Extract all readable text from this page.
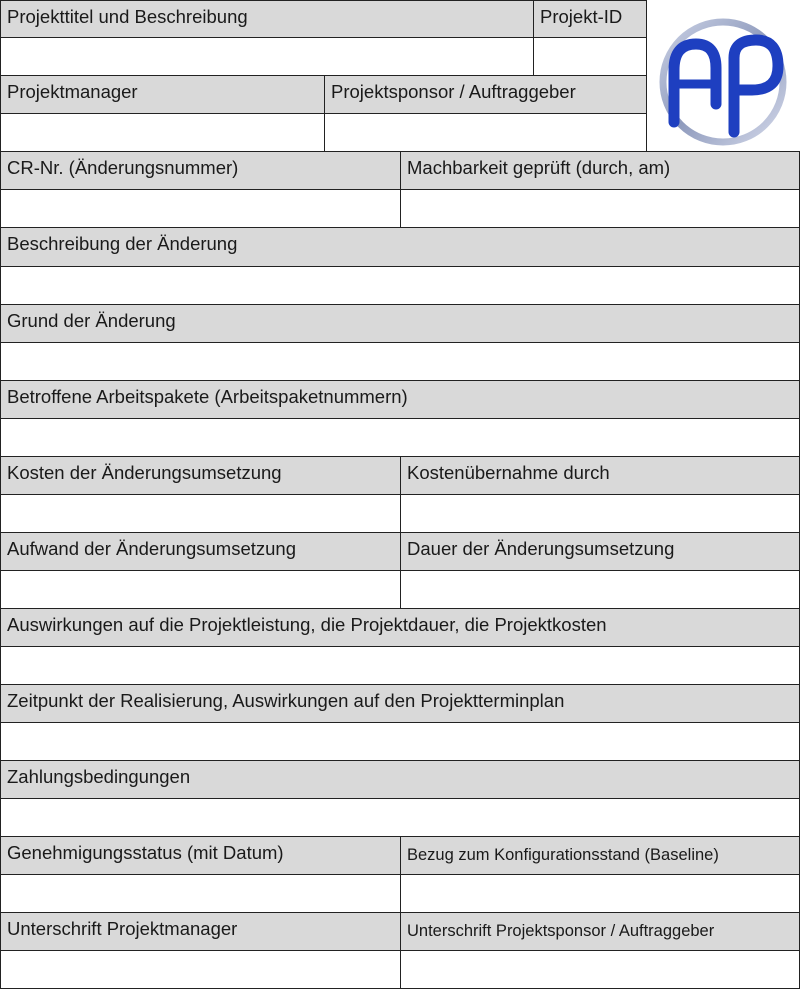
Projekttitel und Beschreibung	Projekt-ID
Projektmanager	Projektsponsor / Auftraggeber
CR-Nr. (Änderungsnummer)	Machbarkeit geprüft (durch, am)
Beschreibung der Änderung
Grund der Änderung
Betroffene Arbeitspakete (Arbeitspaketnummern)
Kosten der Änderungsumsetzung	Kostenübernahme durch
Aufwand der Änderungsumsetzung	Dauer der Änderungsumsetzung
Auswirkungen auf die Projektleistung, die Projektdauer, die Projektkosten
Zeitpunkt der Realisierung, Auswirkungen auf den Projektterminplan
Zahlungsbedingungen
Genehmigungsstatus (mit Datum)	Bezug zum Konfigurationsstand (Baseline)
Unterschrift Projektmanager	Unterschrift Projektsponsor / Auftraggeber
